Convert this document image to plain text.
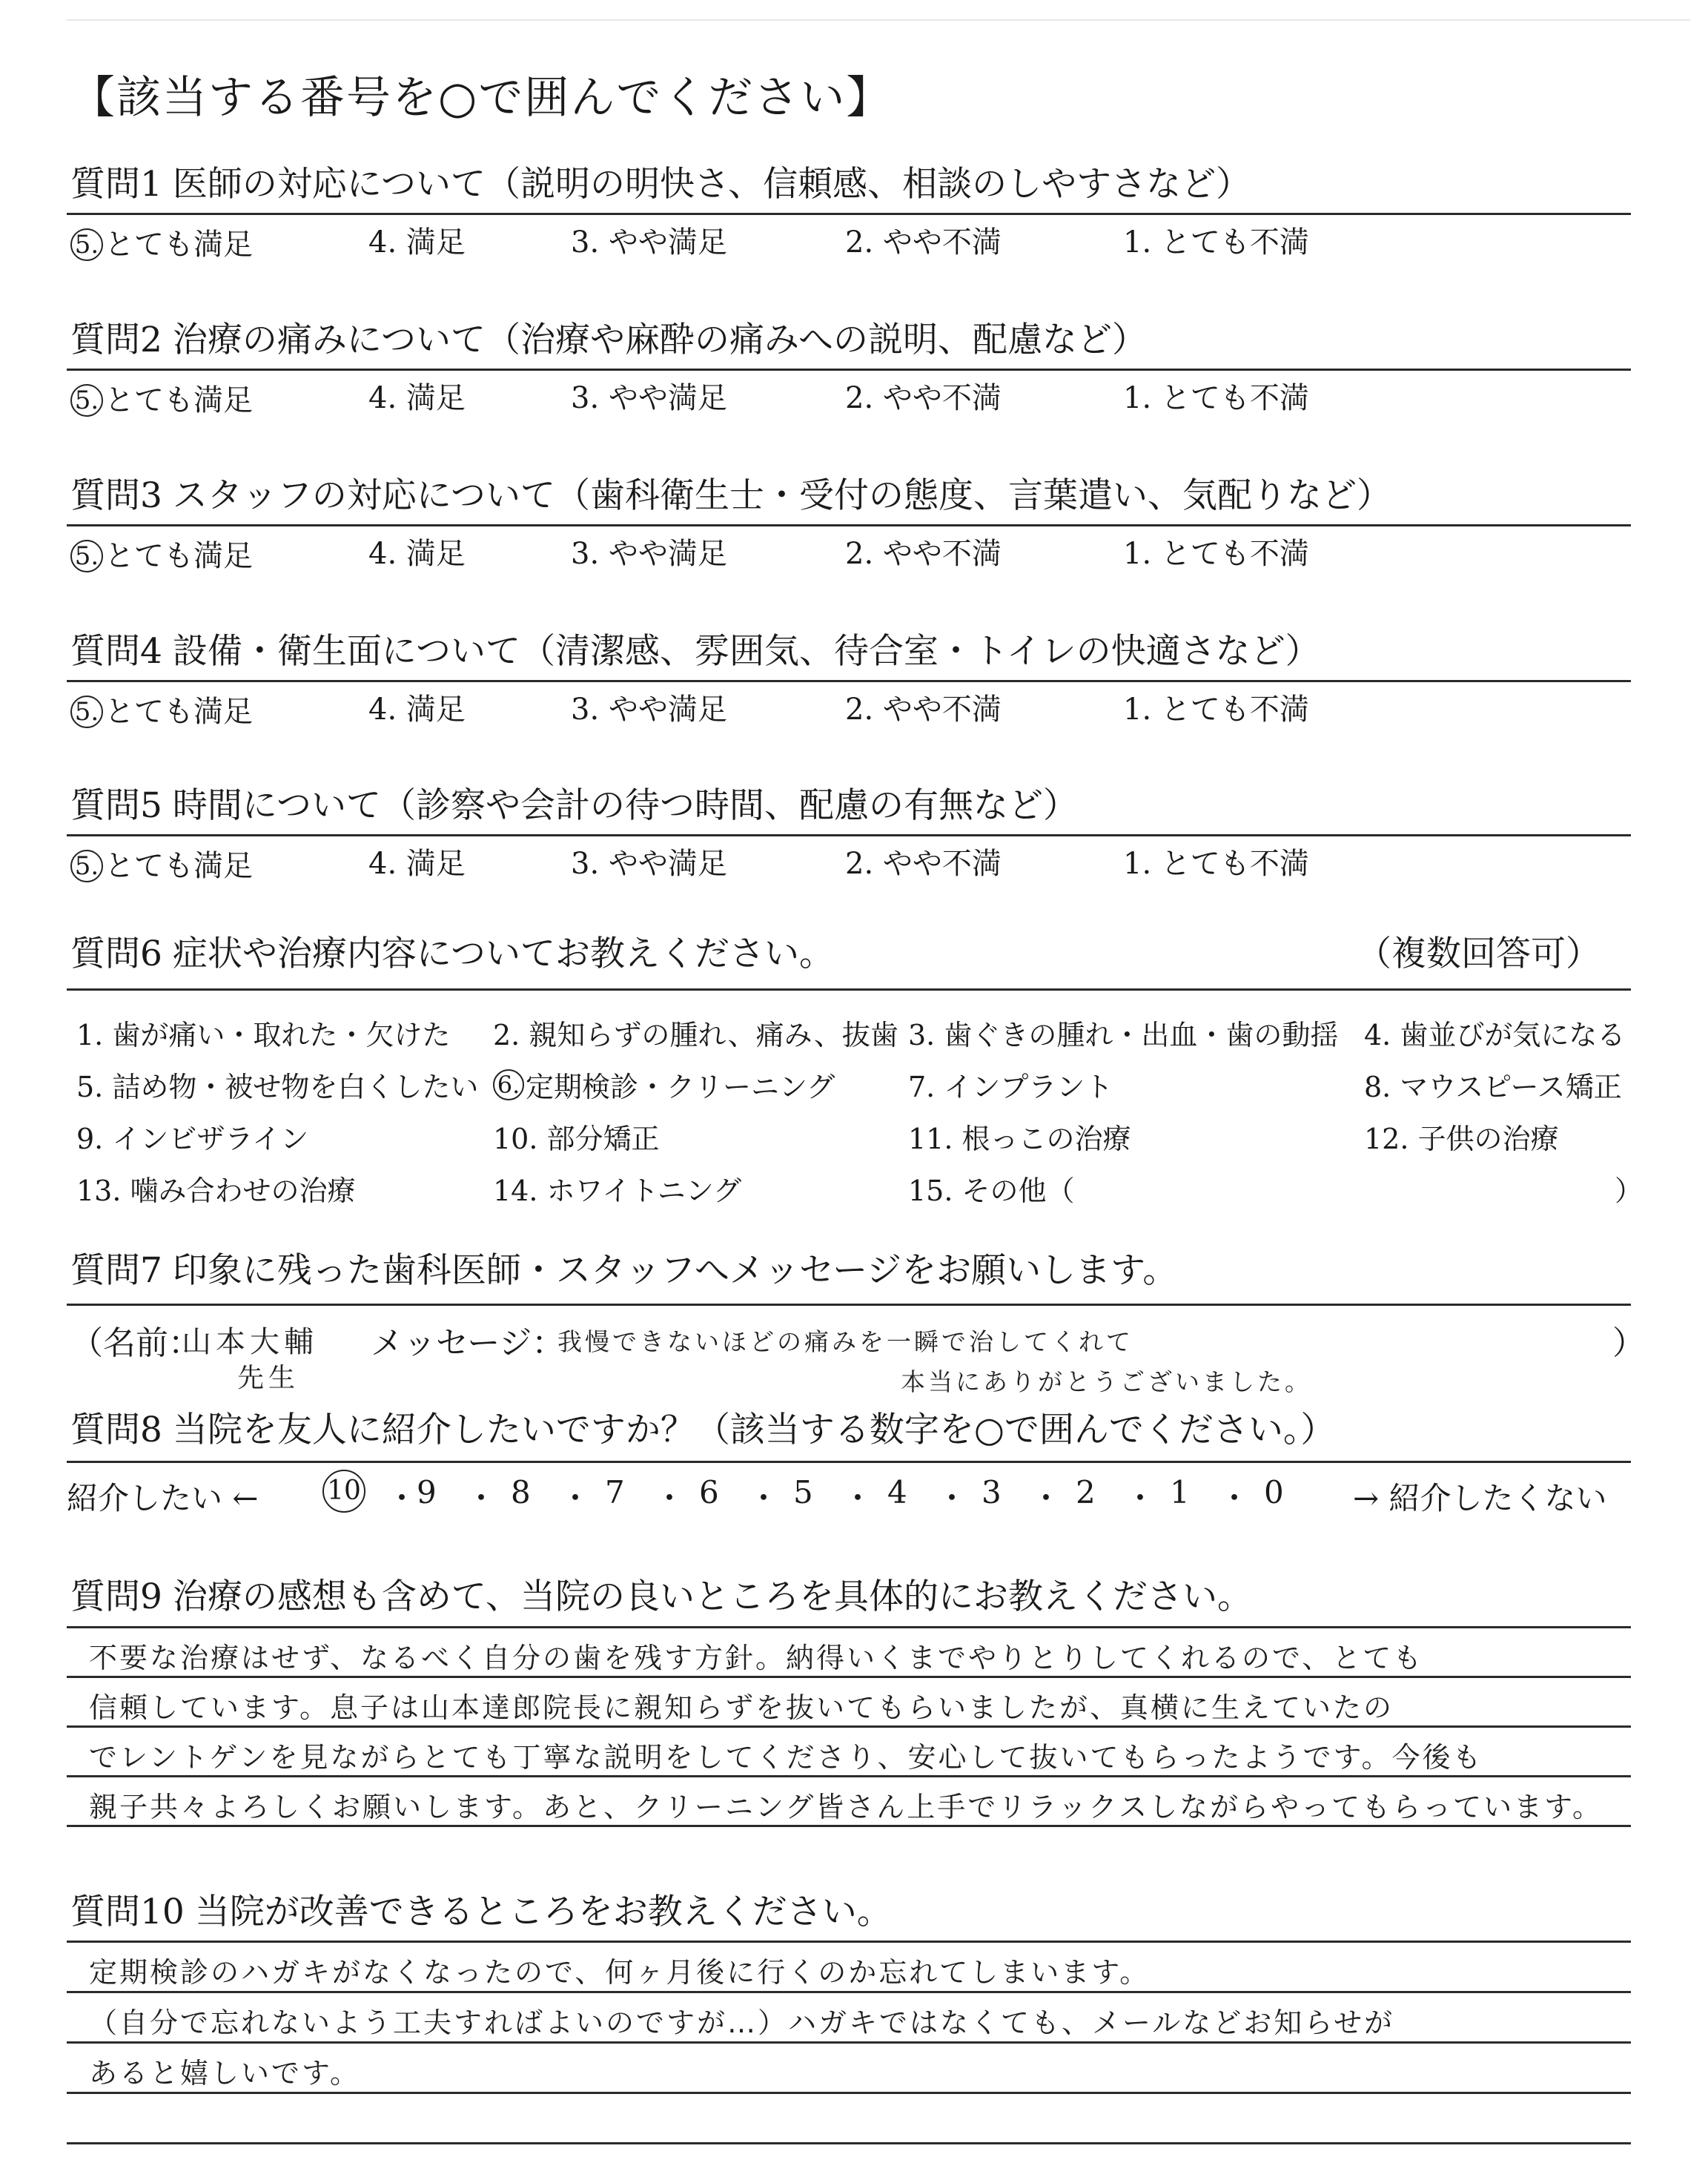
【該当する番号を○で囲んでください】
質問1 医師の対応について（説明の明快さ、信頼感、相談のしやすさなど）
5. とても満足	4. 満足	3. やや満足	2. やや不満	1. とても不満
質問2 治療の痛みについて（治療や麻酔の痛みへの説明、配慮など）
5. とても満足	4. 満足	3. やや満足	2. やや不満	1. とても不満
質問3 スタッフの対応について（歯科衛生士・受付の態度、言葉遣い、気配りなど）
5. とても満足	4. 満足	3. やや満足	2. やや不満	1. とても不満
質問4 設備・衛生面について（清潔感、雰囲気、待合室・トイレの快適さなど）
5. とても満足	4. 満足	3. やや満足	2. やや不満	1. とても不満
質問5 時間について（診察や会計の待つ時間、配慮の有無など）
5. とても満足	4. 満足	3. やや満足	2. やや不満	1. とても不満
質問6 症状や治療内容についてお教えください。	（複数回答可）
1. 歯が痛い・取れた・欠けた 2. 親知らずの腫れ、痛み、抜歯 3. 歯ぐきの腫れ・出血・歯の動揺 4. 歯並びが気になる
5. 詰め物・被せ物を白くしたい 6. 定期検診・クリーニング	7. インプラント	8. マウスピース矯正
9. インビザライン	10. 部分矯正	11. 根っこの治療	12. 子供の治療
13. 噛み合わせの治療	14. ホワイトニング	15. その他（	）
質問7 印象に残った歯科医師・スタッフへメッセージをお願いします。
（名前：
山本大輔
先生
メッセージ：
我慢できないほどの痛みを一瞬で治してくれて
本当にありがとうございました。
）
質問8 当院を友人に紹介したいですか？（該当する数字を○で囲んでください。）
紹介したい ←	→ 紹介したくない
10 ・
9 ・ 8 ・ 7 ・ 6 ・ 5 ・ 4 ・ 3 ・ 2 ・ 1 ・ 0
質問9 治療の感想も含めて、当院の良いところを具体的にお教えください。
不要な治療はせず、なるべく自分の歯を残す方針。納得いくまでやりとりしてくれるので、とても
信頼しています。息子は山本達郎院長に親知らずを抜いてもらいましたが、真横に生えていたの
でレントゲンを見ながらとても丁寧な説明をしてくださり、安心して抜いてもらったようです。今後も
親子共々よろしくお願いします。あと、クリーニング皆さん上手でリラックスしながらやってもらっています。
質問10 当院が改善できるところをお教えください。
定期検診のハガキがなくなったので、何ヶ月後に行くのか忘れてしまいます。
（自分で忘れないよう工夫すればよいのですが…）ハガキではなくても、メールなどお知らせが
あると嬉しいです。
